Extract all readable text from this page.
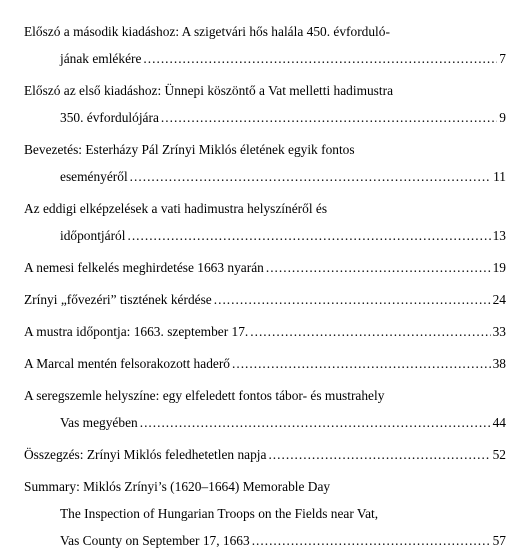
Előszó a második kiadáshoz: A szigetvári hős halála 450. évforduló-
jának emlékére .....	7
Előszó az első kiadáshoz: Ünnepi köszöntő a Vat melletti hadimustra
350. évfordulójára .....	9
Bevezetés: Esterházy Pál Zrínyi Miklós életének egyik fontos
eseményéről .....	11
Az eddigi elképzelések a vati hadimustra helyszínéről és
időpontjáról .....	13
A nemesi felkelés meghirdetése 1663 nyarán .....	19
Zrínyi „fővezéri” tisztének kérdése .....	24
A mustra időpontja: 1663. szeptember 17. .....	33
A Marcal mentén felsorakozott haderő .....	38
A seregszemle helyszíne: egy elfeledett fontos tábor- és mustrahely
Vas megyében .....	44
Összegzés: Zrínyi Miklós feledhetetlen napja .....	52
Summary: Miklós Zrínyi’s (1620–1664) Memorable Day
The Inspection of Hungarian Troops on the Fields near Vat,
Vas County on September 17, 1663 .....	57
